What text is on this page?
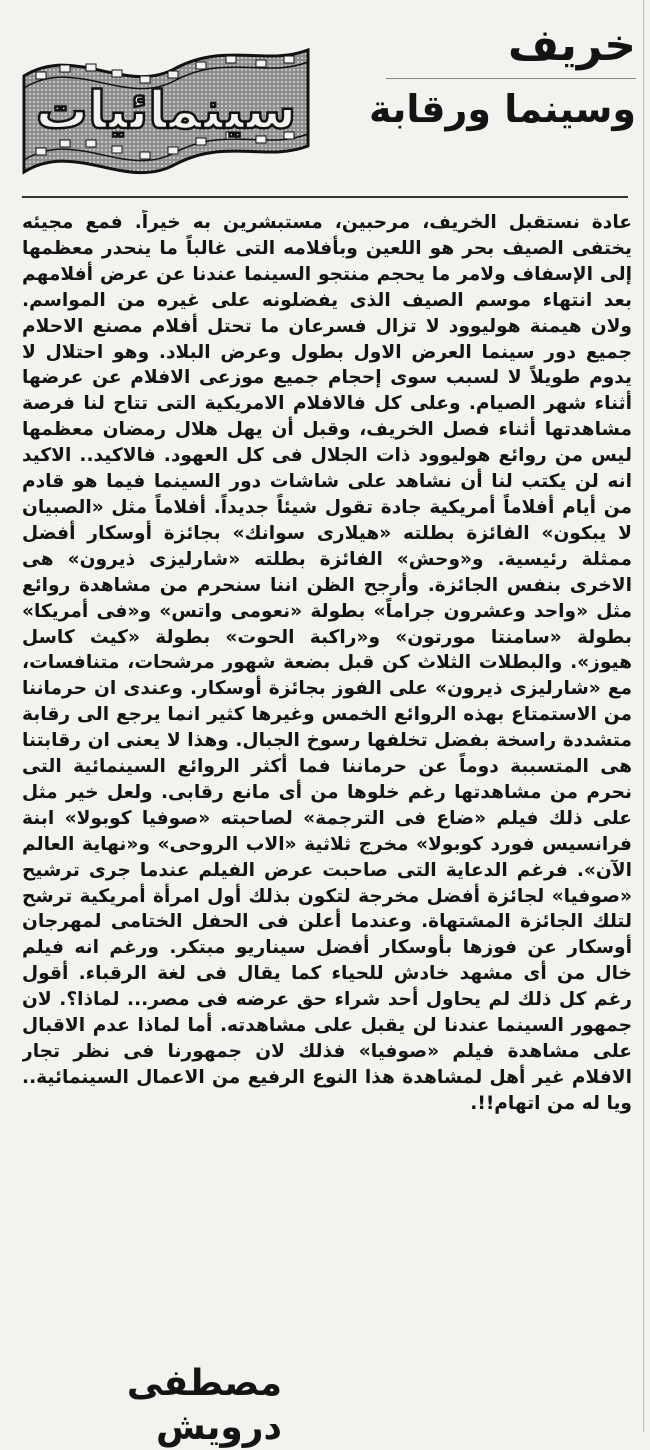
سينمائيات
خريف
وسينما ورقابة
عادة نستقبل الخريف، مرحبين، مستبشرين به خيراً. فمع مجيئه يختفى الصيف بحر هو اللعين وبأفلامه التى غالباً ما ينحدر معظمها إلى الإسفاف ولامر ما يحجم منتجو السينما عندنا عن عرض أفلامهم بعد انتهاء موسم الصيف الذى يفضلونه على غيره من المواسم. ولان هيمنة هوليوود لا تزال فسرعان ما تحتل أفلام مصنع الاحلام جميع دور سينما العرض الاول بطول وعرض البلاد. وهو احتلال لا يدوم طويلاً لا لسبب سوى إحجام جميع موزعى الافلام عن عرضها أثناء شهر الصيام. وعلى كل فالافلام الامريكية التى تتاح لنا فرصة مشاهدتها أثناء فصل الخريف، وقبل أن يهل هلال رمضان معظمها ليس من روائع هوليوود ذات الجلال فى كل العهود. فالاكيد.. الاكيد انه لن يكتب لنا أن نشاهد على شاشات دور السينما فيما هو قادم من أيام أفلاماً أمريكية جادة تقول شيئاً جديداً. أفلاماً مثل «الصبيان لا يبكون» الفائزة بطلته «هيلارى سوانك» بجائزة أوسكار أفضل ممثلة رئيسية. و«وحش» الفائزة بطلته «شارليزى ذيرون» هى الاخرى بنفس الجائزة. وأرجح الظن اننا سنحرم من مشاهدة روائع مثل «واحد وعشرون جراماً» بطولة «نعومى واتس» و«فى أمريكا» بطولة «سامنتا مورتون» و«راكبة الحوت» بطولة «كيث كاسل هيوز». والبطلات الثلاث كن قبل بضعة شهور مرشحات، متنافسات، مع «شارليزى ذيرون» على الفوز بجائزة أوسكار. وعندى ان حرماننا من الاستمتاع بهذه الروائع الخمس وغيرها كثير انما يرجع الى رقابة متشددة راسخة بفضل تخلفها رسوخ الجبال. وهذا لا يعنى ان رقابتنا هى المتسببة دوماً عن حرماننا فما أكثر الروائع السينمائية التى نحرم من مشاهدتها رغم خلوها من أى مانع رقابى. ولعل خير مثل على ذلك فيلم «ضاع فى الترجمة» لصاحبته «صوفيا كوبولا» ابنة فرانسيس فورد كوبولا» مخرج ثلاثية «الاب الروحى» و«نهاية العالم الآن». فرغم الدعاية التى صاحبت عرض الفيلم عندما جرى ترشيح «صوفيا» لجائزة أفضل مخرجة لتكون بذلك أول امرأة أمريكية ترشح لتلك الجائزة المشتهاة. وعندما أعلن فى الحفل الختامى لمهرجان أوسكار عن فوزها بأوسكار أفضل سيناريو مبتكر. ورغم انه فيلم خال من أى مشهد خادش للحياء كما يقال فى لغة الرقباء. أقول رغم كل ذلك لم يحاول أحد شراء حق عرضه فى مصر... لماذا؟. لان جمهور السينما عندنا لن يقبل على مشاهدته. أما لماذا عدم الاقبال على مشاهدة فيلم «صوفيا» فذلك لان جمهورنا فى نظر تجار الافلام غير أهل لمشاهدة هذا النوع الرفيع من الاعمال السينمائية.. ويا له من اتهام!!.
مصطفى درويش
